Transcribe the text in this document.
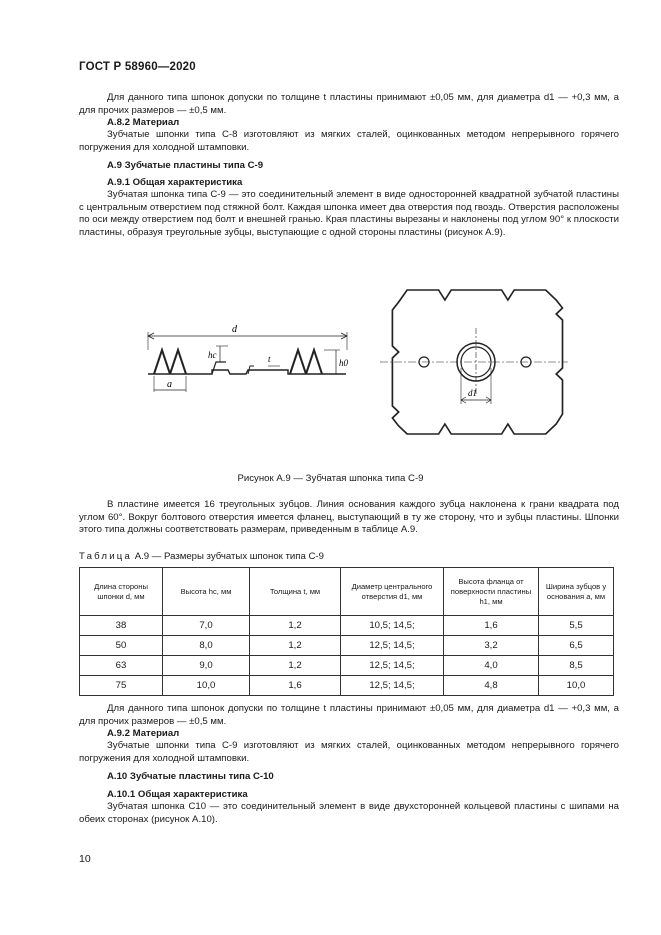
ГОСТ Р 58960—2020
Для данного типа шпонок допуски по толщине t пластины принимают ±0,05 мм, для диаметра d1 — +0,3 мм, а для прочих размеров — ±0,5 мм.
А.8.2 Материал
Зубчатые шпонки типа С-8 изготовляют из мягких сталей, оцинкованных методом непрерывного горячего погружения для холодной штамповки.
А.9 Зубчатые пластины типа С-9
А.9.1 Общая характеристика
Зубчатая шпонка типа С-9 — это соединительный элемент в виде односторонней квадратной зубчатой пластины с центральным отверстием под стяжной болт. Каждая шпонка имеет два отверстия под гвоздь. Отверстия расположены по оси между отверстием под болт и внешней гранью. Края пластины вырезаны и наклонены под углом 90° к плоскости пластины, образуя треугольные зубцы, выступающие с одной стороны пластины (рисунок А.9).
d
hc	t	h0
a
d1
Рисунок А.9 — Зубчатая шпонка типа С-9
В пластине имеется 16 треугольных зубцов. Линия основания каждого зубца наклонена к грани квадрата под углом 60°. Вокруг болтового отверстия имеется фланец, выступающий в ту же сторону, что и зубцы пластины. Шпонки этого типа должны соответствовать размерам, приведенным в таблице А.9.
Таблица А.9 — Размеры зубчатых шпонок типа С-9
Длина стороны шпонки d, мм	Высота hc, мм	Толщина t, мм	Диаметр центрального отверстия d1, мм	Высота фланца от поверхности пластины h1, мм	Ширина зубцов у основания a, мм
38	7,0	1,2	10,5; 14,5;	1,6	5,5
50	8,0	1,2	12,5; 14,5;	3,2	6,5
63	9,0	1,2	12,5; 14,5;	4,0	8,5
75	10,0	1,6	12,5; 14,5;	4,8	10,0
Для данного типа шпонок допуски по толщине t пластины принимают ±0,05 мм, для диаметра d1 — +0,3 мм, а для прочих размеров — ±0,5 мм.
А.9.2 Материал
Зубчатые шпонки типа С-9 изготовляют из мягких сталей, оцинкованных методом непрерывного горячего погружения для холодной штамповки.
А.10 Зубчатые пластины типа С-10
А.10.1 Общая характеристика
Зубчатая шпонка С10 — это соединительный элемент в виде двухсторонней кольцевой пластины с шипами на обеих сторонах (рисунок А.10).
10
